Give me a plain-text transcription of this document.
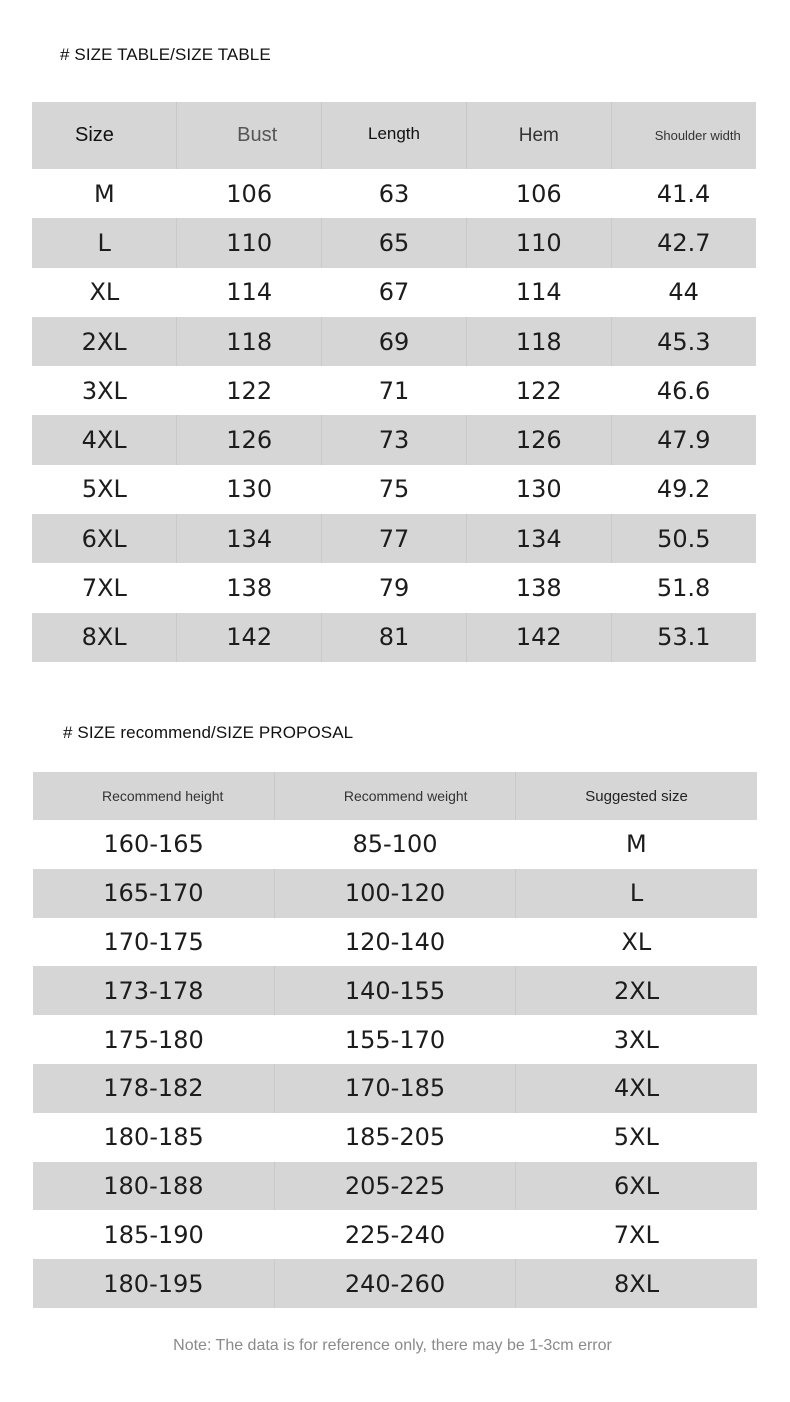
# SIZE TABLE/SIZE TABLE
Size	Bust	Length	Hem	Shoulder width
M	106	63	106	41.4
L	110	65	110	42.7
XL	114	67	114	44
2XL	118	69	118	45.3
3XL	122	71	122	46.6
4XL	126	73	126	47.9
5XL	130	75	130	49.2
6XL	134	77	134	50.5
7XL	138	79	138	51.8
8XL	142	81	142	53.1
# SIZE recommend/SIZE PROPOSAL
Recommend height	Recommend weight	Suggested size
160-165	85-100	M
165-170	100-120	L
170-175	120-140	XL
173-178	140-155	2XL
175-180	155-170	3XL
178-182	170-185	4XL
180-185	185-205	5XL
180-188	205-225	6XL
185-190	225-240	7XL
180-195	240-260	8XL
Note: The data is for reference only, there may be 1-3cm error
